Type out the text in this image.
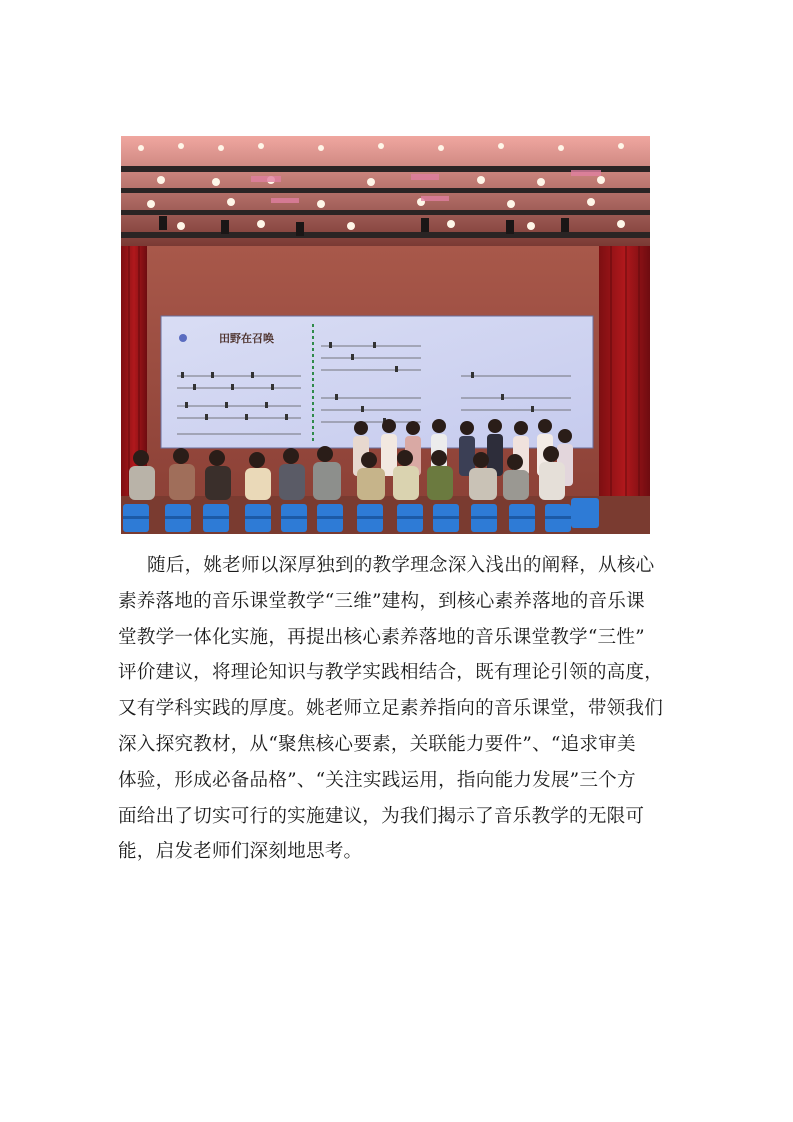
田野在召唤

随后，姚老师以深厚独到的教学理念深入浅出的阐释，从核心
素养落地的音乐课堂教学“三维”建构，到核心素养落地的音乐课
堂教学一体化实施，再提出核心素养落地的音乐课堂教学“三性”
评价建议，将理论知识与教学实践相结合，既有理论引领的高度，
又有学科实践的厚度。姚老师立足素养指向的音乐课堂，带领我们
深入探究教材，从“聚焦核心要素，关联能力要件”、“追求审美
体验，形成必备品格”、“关注实践运用，指向能力发展”三个方
面给出了切实可行的实施建议，为我们揭示了音乐教学的无限可
能，启发老师们深刻地思考。
